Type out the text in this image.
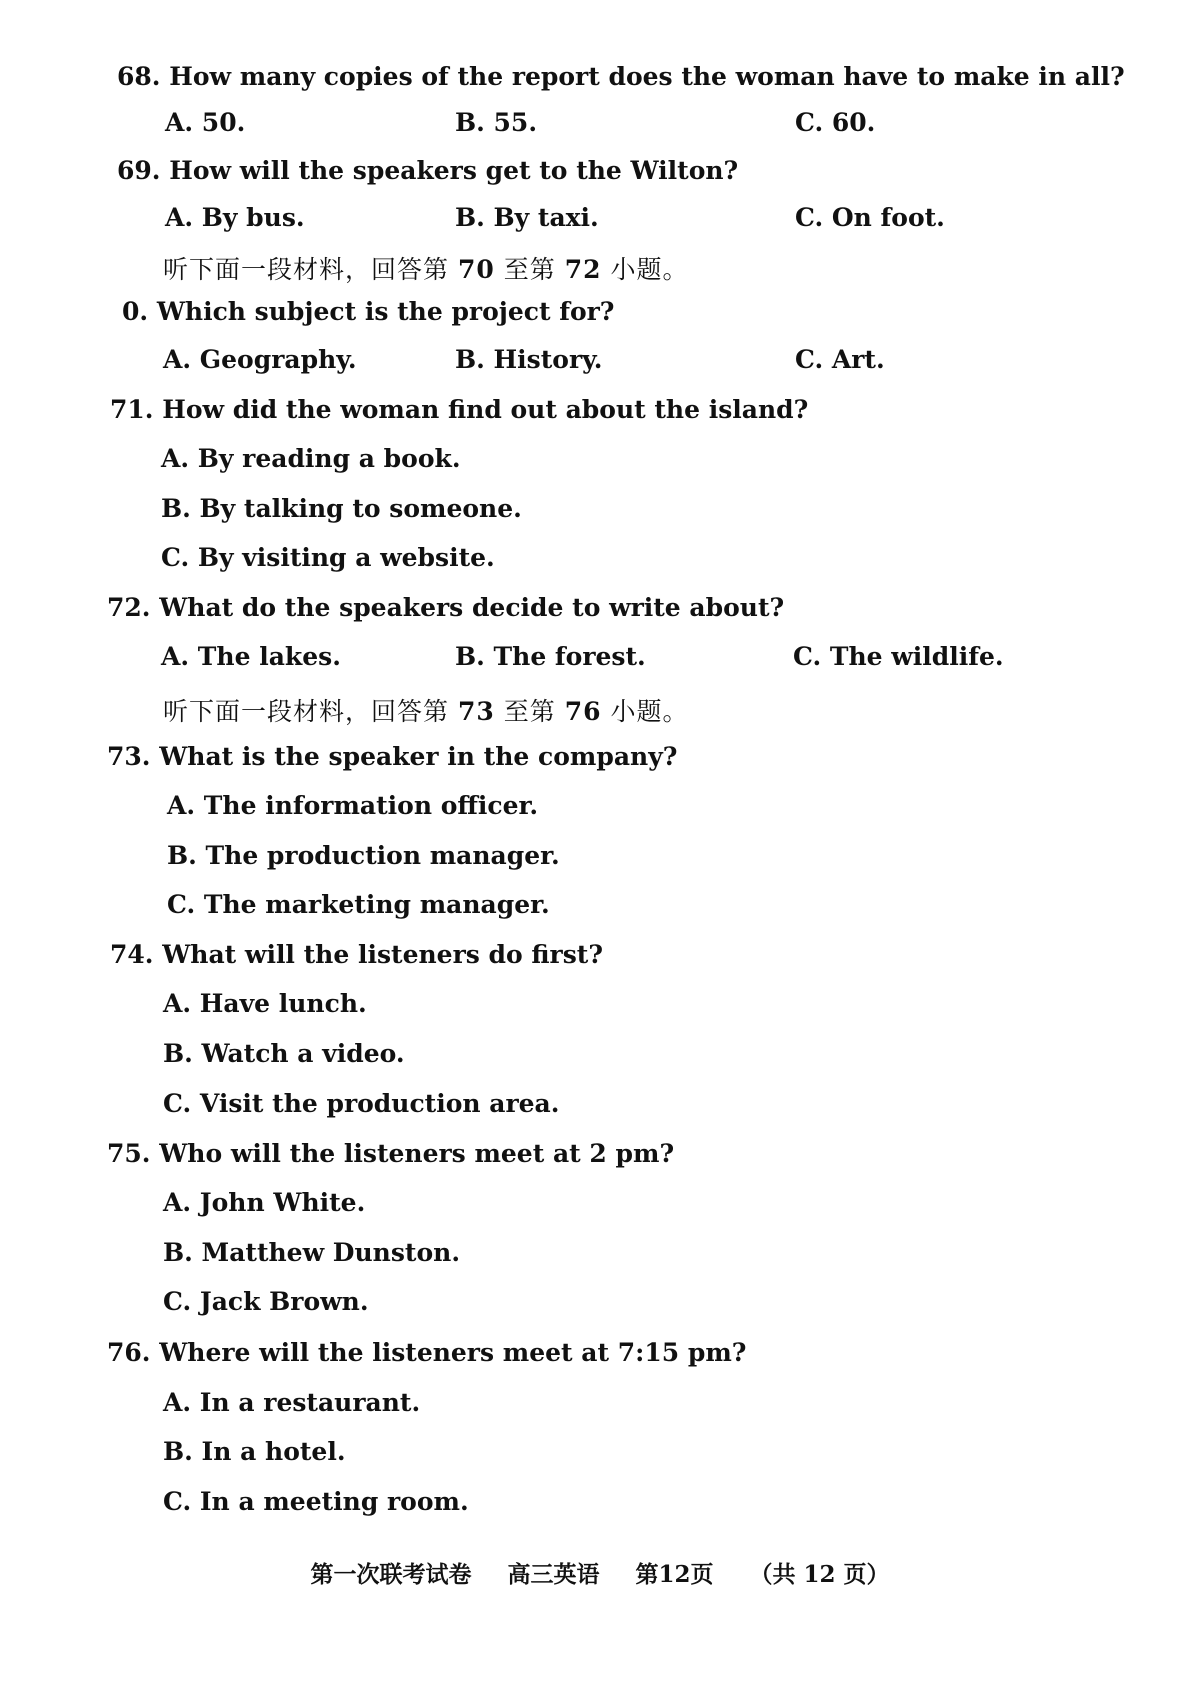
68. How many copies of the report does the woman have to make in all?
A. 50.	B. 55.	C. 60.
69. How will the speakers get to the Wilton?
A. By bus.	B. By taxi.	C. On foot.
听下面一段材料，回答第 70 至第 72 小题。
0. Which subject is the project for?
A. Geography.	B. History.	C. Art.
71. How did the woman find out about the island?
A. By reading a book.
B. By talking to someone.
C. By visiting a website.
72. What do the speakers decide to write about?
A. The lakes.	B. The forest.	C. The wildlife.
听下面一段材料，回答第 73 至第 76 小题。
73. What is the speaker in the company?
A. The information officer.
B. The production manager.
C. The marketing manager.
74. What will the listeners do first?
A. Have lunch.
B. Watch a video.
C. Visit the production area.
75. Who will the listeners meet at 2 pm?
A. John White.
B. Matthew Dunston.
C. Jack Brown.
76. Where will the listeners meet at 7:15 pm?
A. In a restaurant.
B. In a hotel.
C. In a meeting room.
第一次联考试卷 高三英语 第12页 （共 12 页）
